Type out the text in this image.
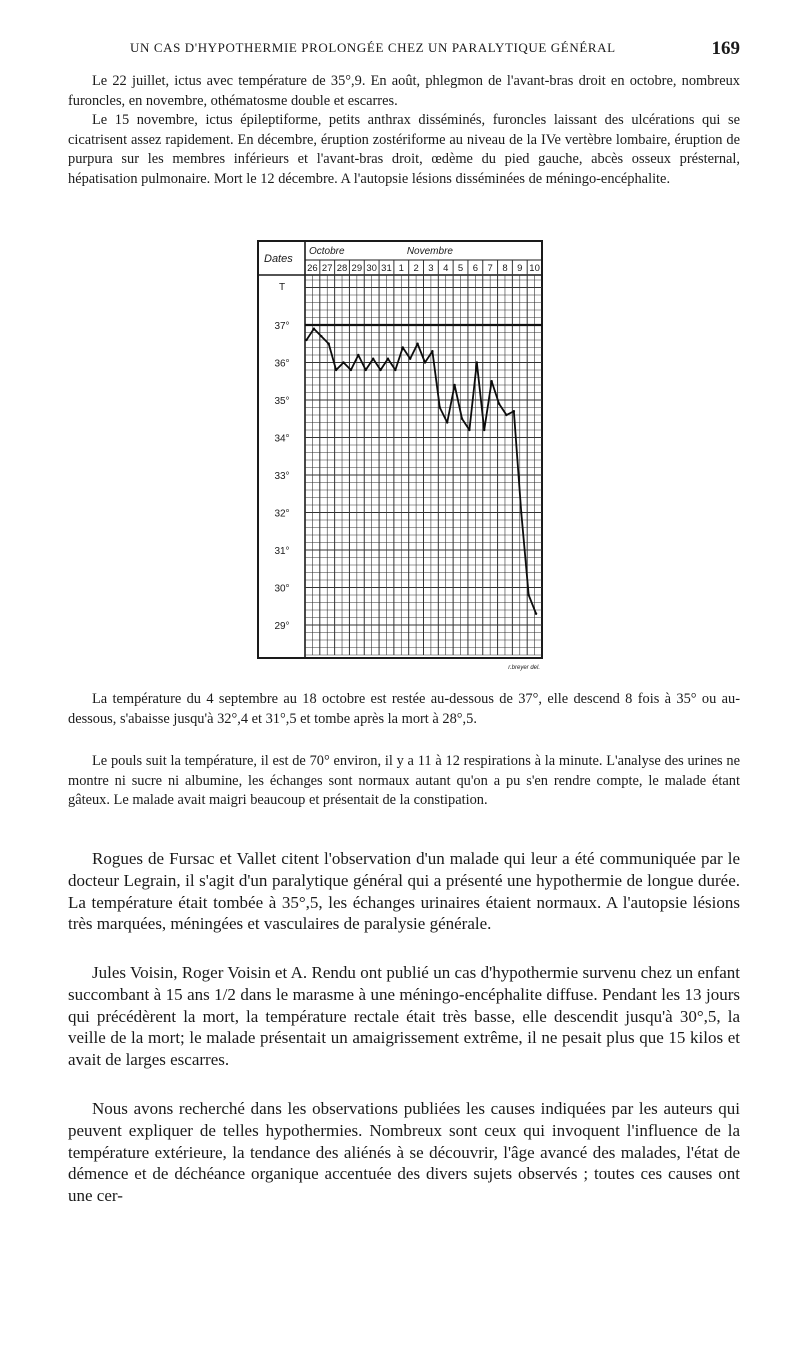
UN CAS D'HYPOTHERMIE PROLONGÉE CHEZ UN PARALYTIQUE GÉNÉRAL	169

Le 22 juillet, ictus avec température de 35°,9. En août, phlegmon de l'avant-bras droit en octobre, nombreux furoncles, en novembre, othématosme double et escarres.

Le 15 novembre, ictus épileptiforme, petits anthrax disséminés, furoncles laissant des ulcérations qui se cicatrisent assez rapidement. En décembre, éruption zostériforme au niveau de la IVe vertèbre lombaire, éruption de purpura sur les membres inférieurs et l'avant-bras droit, œdème du pied gauche, abcès osseux présternal, hépatisation pulmonaire. Mort le 12 décembre. A l'autopsie lésions disséminées de méningo-encéphalite.

Dates
T
Octobre	Novembre
26 27 28 29 30 31 1 2 3 4 5 6 7 8 9 10
37°
36°
35°
34°
33°
32°
31°
30°
29°
r.breyer del.

La température du 4 septembre au 18 octobre est restée au-dessous de 37°, elle descend 8 fois à 35° ou au-dessous, s'abaisse jusqu'à 32°,4 et 31°,5 et tombe après la mort à 28°,5.

Le pouls suit la température, il est de 70° environ, il y a 11 à 12 respirations à la minute. L'analyse des urines ne montre ni sucre ni albumine, les échanges sont normaux autant qu'on a pu s'en rendre compte, le malade étant gâteux. Le malade avait maigri beaucoup et présentait de la constipation.

Rogues de Fursac et Vallet citent l'observation d'un malade qui leur a été communiquée par le docteur Legrain, il s'agit d'un paralytique général qui a présenté une hypothermie de longue durée. La température était tombée à 35°,5, les échanges urinaires étaient normaux. A l'autopsie lésions très marquées, méningées et vasculaires de paralysie générale.

Jules Voisin, Roger Voisin et A. Rendu ont publié un cas d'hypothermie survenu chez un enfant succombant à 15 ans 1/2 dans le marasme à une méningo-encéphalite diffuse. Pendant les 13 jours qui précédèrent la mort, la température rectale était très basse, elle descendit jusqu'à 30°,5, la veille de la mort; le malade présentait un amaigrissement extrême, il ne pesait plus que 15 kilos et avait de larges escarres.

Nous avons recherché dans les observations publiées les causes indiquées par les auteurs qui peuvent expliquer de telles hypothermies. Nombreux sont ceux qui invoquent l'influence de la température extérieure, la tendance des aliénés à se découvrir, l'âge avancé des malades, l'état de démence et de déchéance organique accentuée des divers sujets observés ; toutes ces causes ont une cer-
